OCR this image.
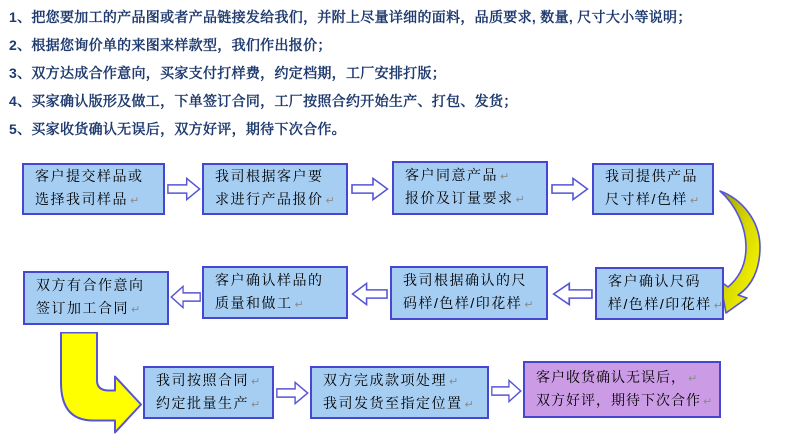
1、把您要加工的产品图或者产品链接发给我们，并附上尽量详细的面料，品质要求, 数量, 尺寸大小等说明；

2、根据您询价单的来图来样款型，我们作出报价；

3、双方达成合作意向，买家支付打样费，约定档期，工厂安排打版；

4、买家确认版形及做工，下单签订合同，工厂按照合约开始生产、打包、发货；

5、买家收货确认无误后，双方好评，期待下次合作。

客户提交样品或
选择我司样品 ↵
我司根据客户要
求进行产品报价 ↵
客户同意产品 ↵
报价及订量要求 ↵
我司提供产品
尺寸样/色样 ↵
客户确认尺码
样/色样/印花样 ↵
我司根据确认的尺
码样/色样/印花样 ↵
客户确认样品的
质量和做工 ↵
双方有合作意向
签订加工合同 ↵
我司按照合同 ↵
约定批量生产 ↵
双方完成款项处理 ↵
我司发货至指定位置 ↵
客户收货确认无误后， ↵
双方好评，期待下次合作 ↵
